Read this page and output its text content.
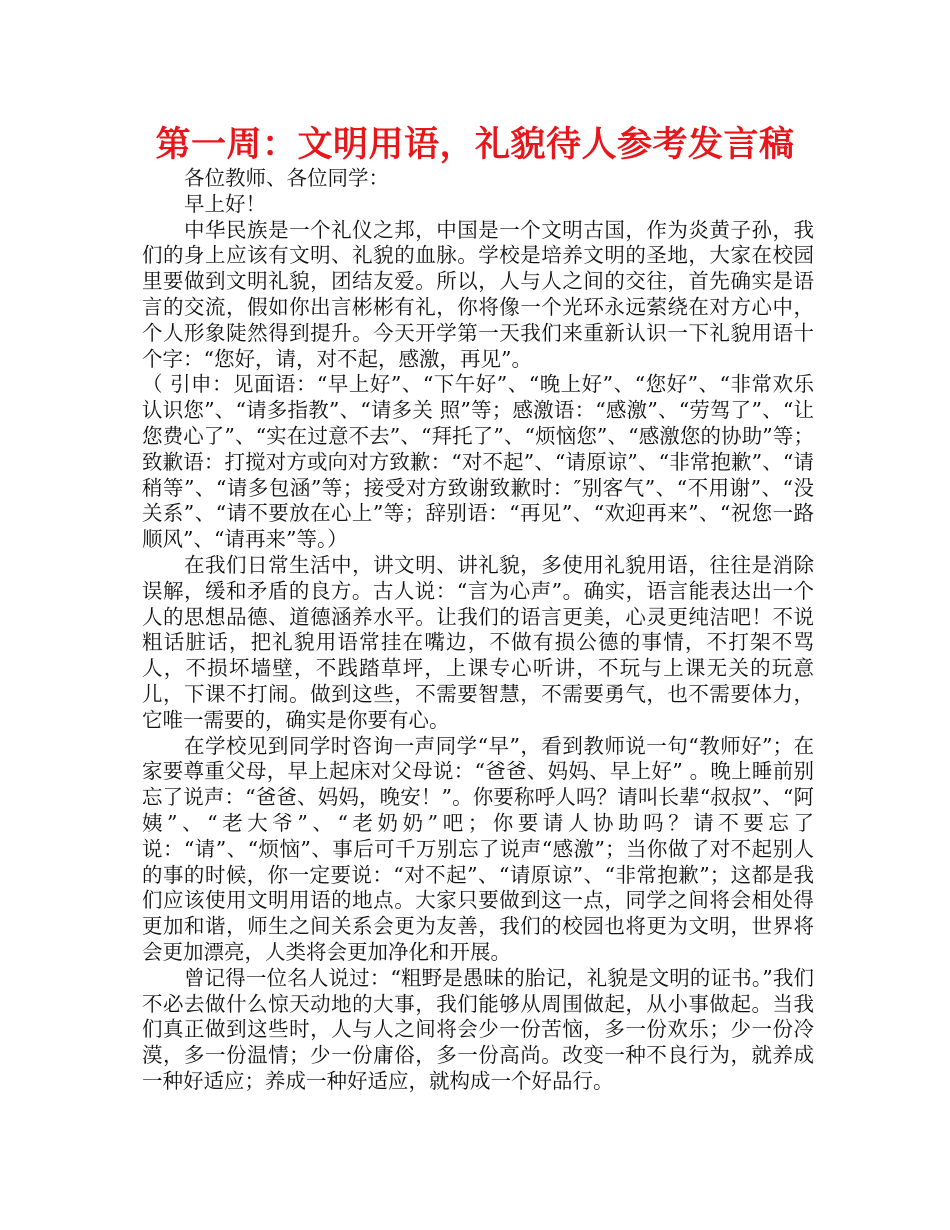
第一周：文明用语，礼貌待人参考发言稿

各位教师、各位同学：

早上好！

中华民族是一个礼仪之邦，中国是一个文明古国，作为炎黄子孙，我们的身上应该有文明、礼貌的血脉。学校是培养文明的圣地，大家在校园里要做到文明礼貌，团结友爱。所以，人与人之间的交往，首先确实是语言的交流，假如你出言彬彬有礼，你将像一个光环永远萦绕在对方心中，个人形象陡然得到提升。今天开学第一天我们来重新认识一下礼貌用语十个字：“您好，请，对不起，感激，再见”。

（ 引申：见面语：“早上好”、“下午好”、“晚上好”、“您好”、“非常欢乐认识您”、“请多指教”、“请多关 照”等；感激语：“感激”、“劳驾了”、“让您费心了”、“实在过意不去”、“拜托了”、“烦恼您”、“感激您的协助”等；致歉语：打搅对方或向对方致歉：“对不起”、“请原谅”、“非常抱歉”、“请稍等”、“请多包涵”等；接受对方致谢致歉时：″别客气”、“不用谢”、“没关系”、“请不要放在心上”等；辞别语：“再见”、“欢迎再来”、“祝您一路顺风”、“请再来”等。）

在我们日常生活中，讲文明、讲礼貌，多使用礼貌用语，往往是消除误解，缓和矛盾的良方。古人说：“言为心声”。确实，语言能表达出一个人的思想品德、道德涵养水平。让我们的语言更美，心灵更纯洁吧！不说粗话脏话，把礼貌用语常挂在嘴边，不做有损公德的事情，不打架不骂人，不损坏墙壁，不践踏草坪，上课专心听讲，不玩与上课无关的玩意儿，下课不打闹。做到这些，不需要智慧，不需要勇气，也不需要体力，它唯一需要的，确实是你要有心。

在学校见到同学时咨询一声同学“早”，看到教师说一句“教师好”；在家要尊重父母，早上起床对父母说：“爸爸、妈妈、早上好” 。晚上睡前别忘了说声：“爸爸、妈妈，晚安！”。你要称呼人吗？请叫长辈“叔叔”、“阿姨”、“老大爷”、“老奶奶”吧；你要请人协助吗？请不要忘了说：“请”、“烦恼”、事后可千万别忘了说声“感激”；当你做了对不起别人的事的时候，你一定要说：“对不起”、“请原谅”、“非常抱歉”；这都是我们应该使用文明用语的地点。大家只要做到这一点，同学之间将会相处得更加和谐，师生之间关系会更为友善，我们的校园也将更为文明，世界将会更加漂亮，人类将会更加净化和开展。

曾记得一位名人说过：“粗野是愚昧的胎记，礼貌是文明的证书。”我们不必去做什么惊天动地的大事，我们能够从周围做起，从小事做起。当我们真正做到这些时，人与人之间将会少一份苦恼，多一份欢乐；少一份冷漠，多一份温情；少一份庸俗，多一份高尚。改变一种不良行为，就养成一种好适应；养成一种好适应，就构成一个好品行。
